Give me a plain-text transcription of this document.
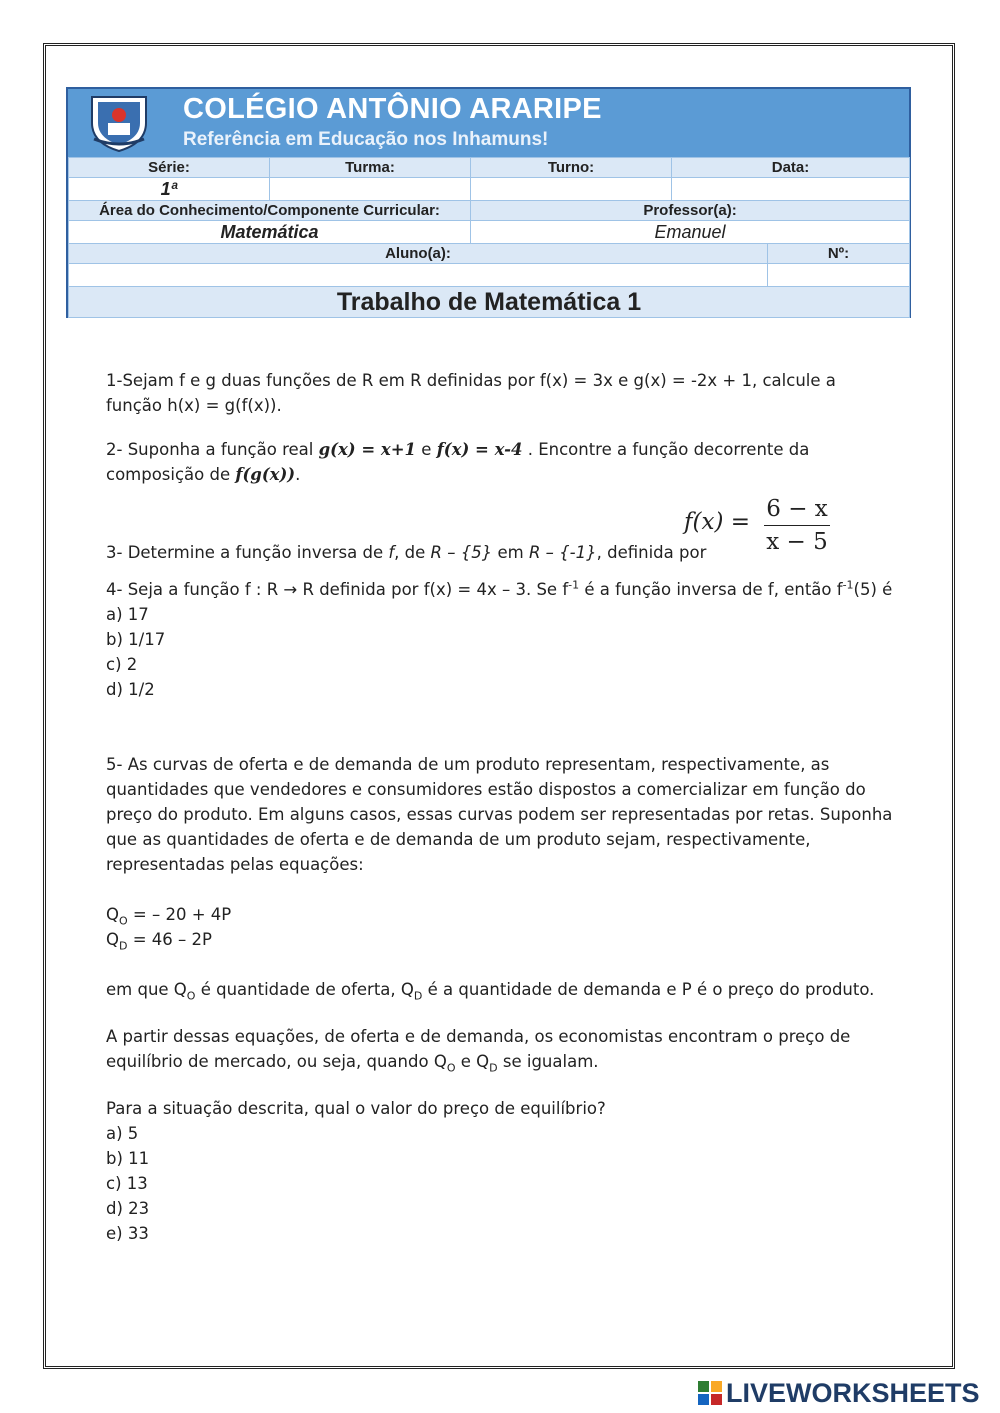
COLÉGIO ANTÔNIO ARARIPE
Referência em Educação nos Inhamuns!
Série:	Turma:	Turno:	Data:	
1ª				
Área do Conhecimento/Componente Curricular:		Professor(a):		
Matemática		Emanuel		
Aluno(a):				Nº:

Trabalho de Matemática 1				

1-Sejam f e g duas funções de R em R definidas por f(x) = 3x e g(x) = -2x + 1, calcule a função h(x) = g(f(x)).

2- Suponha a função real g(x) = x+1 e f(x) = x-4 . Encontre a função decorrente da composição de f(g(x)).

3- Determine a função inversa de f, de R – {5} em R – {-1}, definida por
f(x) = 6 − x
x − 5

4- Seja a função f : R → R definida por f(x) = 4x – 3. Se $f^{-1}$ é a função inversa de f, então $f^{-1}(5)$ é

a) 17

b) 1/17

c) 2

d) 1/2

5- As curvas de oferta e de demanda de um produto representam, respectivamente, as quantidades que vendedores e consumidores estão dispostos a comercializar em função do preço do produto. Em alguns casos, essas curvas podem ser representadas por retas. Suponha que as quantidades de oferta e de demanda de um produto sejam, respectivamente, representadas pelas equações:

$Q_O$ = – 20 + 4P

$Q_D = 46 - 2P$

em que $Q_O$ é quantidade de oferta, $Q_D$ é a quantidade de demanda e P é o preço do produto.

A partir dessas equações, de oferta e de demanda, os economistas encontram o preço de equilíbrio de mercado, ou seja, quando $Q_O$ e $Q_D$ se igualam.

Para a situação descrita, qual o valor do preço de equilíbrio?

a) 5

b) 11

c) 13

d) 23

e) 33

LIVEWORKSHEETS
